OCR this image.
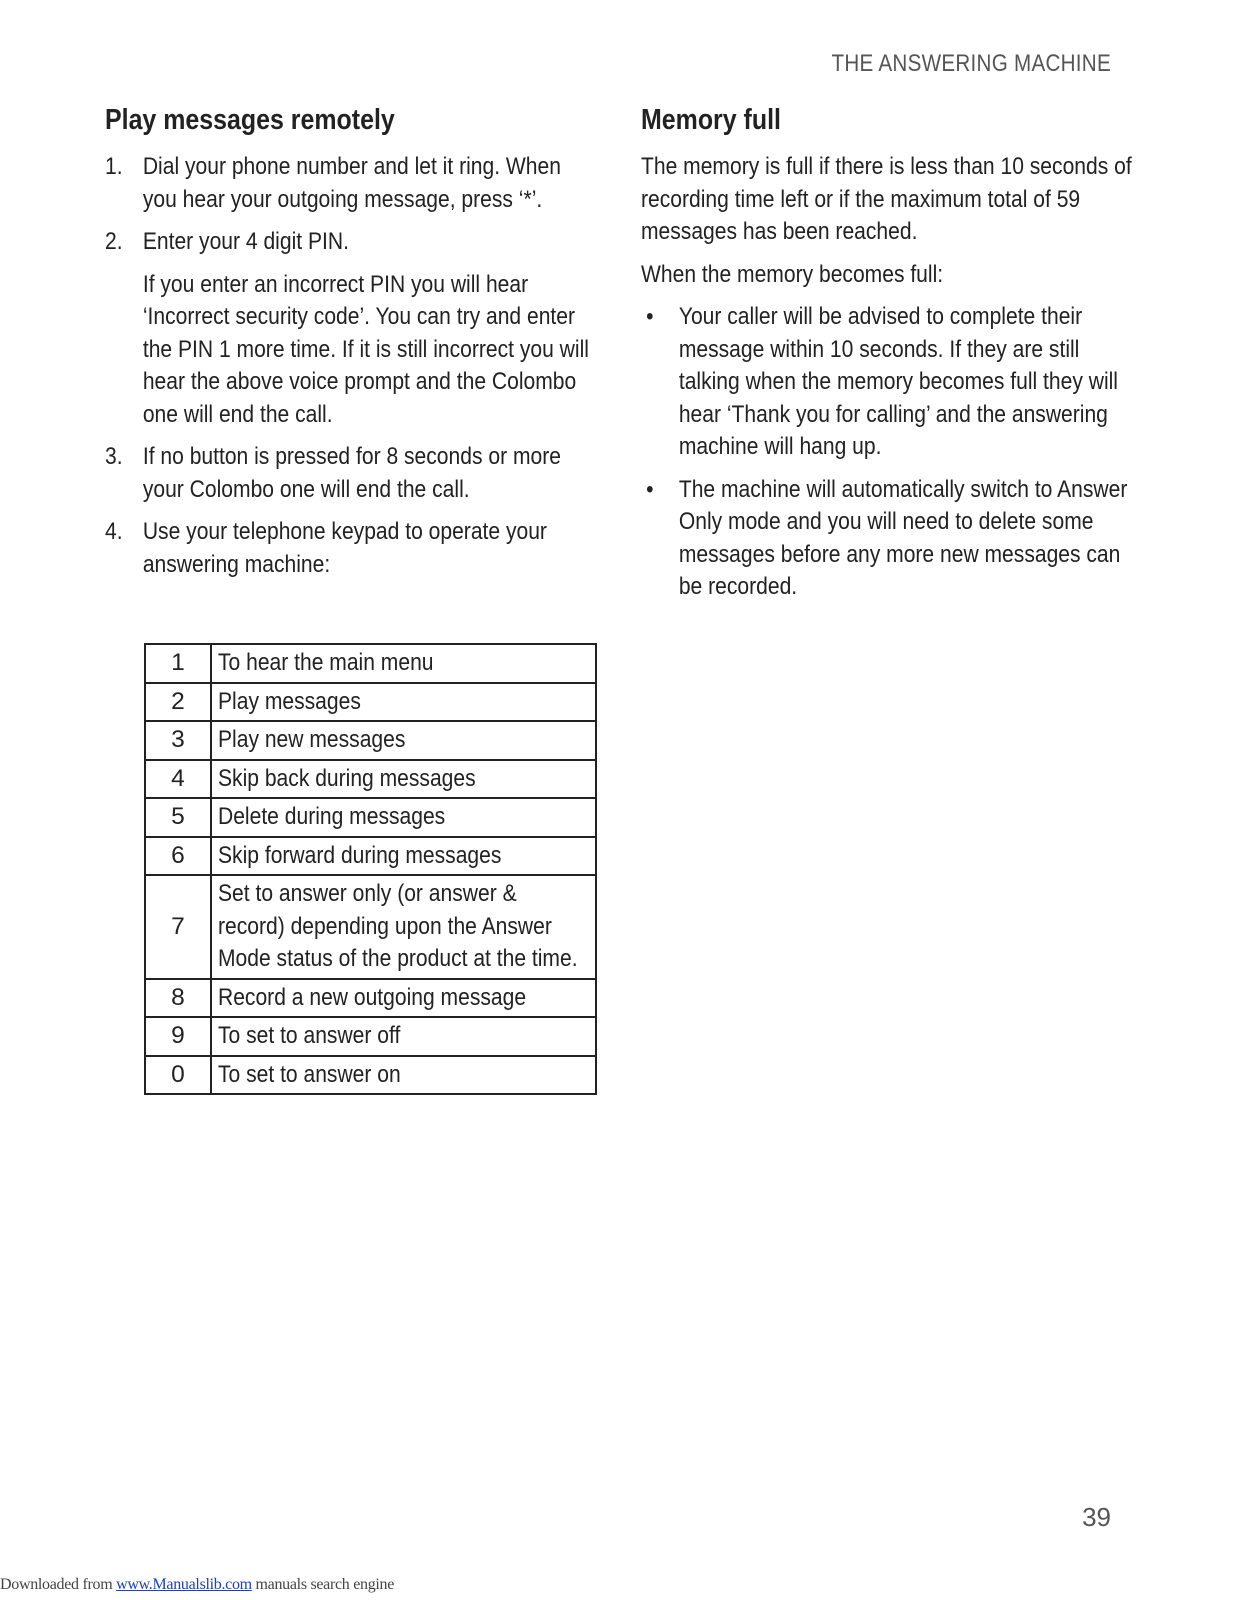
THE ANSWERING MACHINE
Play messages remotely
1. Dial your phone number and let it ring. When you hear your outgoing message, press ‘*’.
2. Enter your 4 digit PIN.
If you enter an incorrect PIN you will hear ‘Incorrect security code’. You can try and enter the PIN 1 more time. If it is still incorrect you will hear the above voice prompt and the Colombo one will end the call.
3. If no button is pressed for 8 seconds or more your Colombo one will end the call.
4. Use your telephone keypad to operate your answering machine:
1	To hear the main menu
2	Play messages
3	Play new messages
4	Skip back during messages
5	Delete during messages
6	Skip forward during messages
7	Set to answer only (or answer & record) depending upon the Answer Mode status of the product at the time.
8	Record a new outgoing message
9	To set to answer off
0	To set to answer on
Memory full

The memory is full if there is less than 10 seconds of recording time left or if the maximum total of 59 messages has been reached.

When the memory becomes full:

• Your caller will be advised to complete their message within 10 seconds. If they are still talking when the memory becomes full they will hear ‘Thank you for calling’ and the answering machine will hang up.
• The machine will automatically switch to Answer Only mode and you will need to delete some messages before any more new messages can be recorded.
39
Downloaded from www.Manualslib.com manuals search engine
